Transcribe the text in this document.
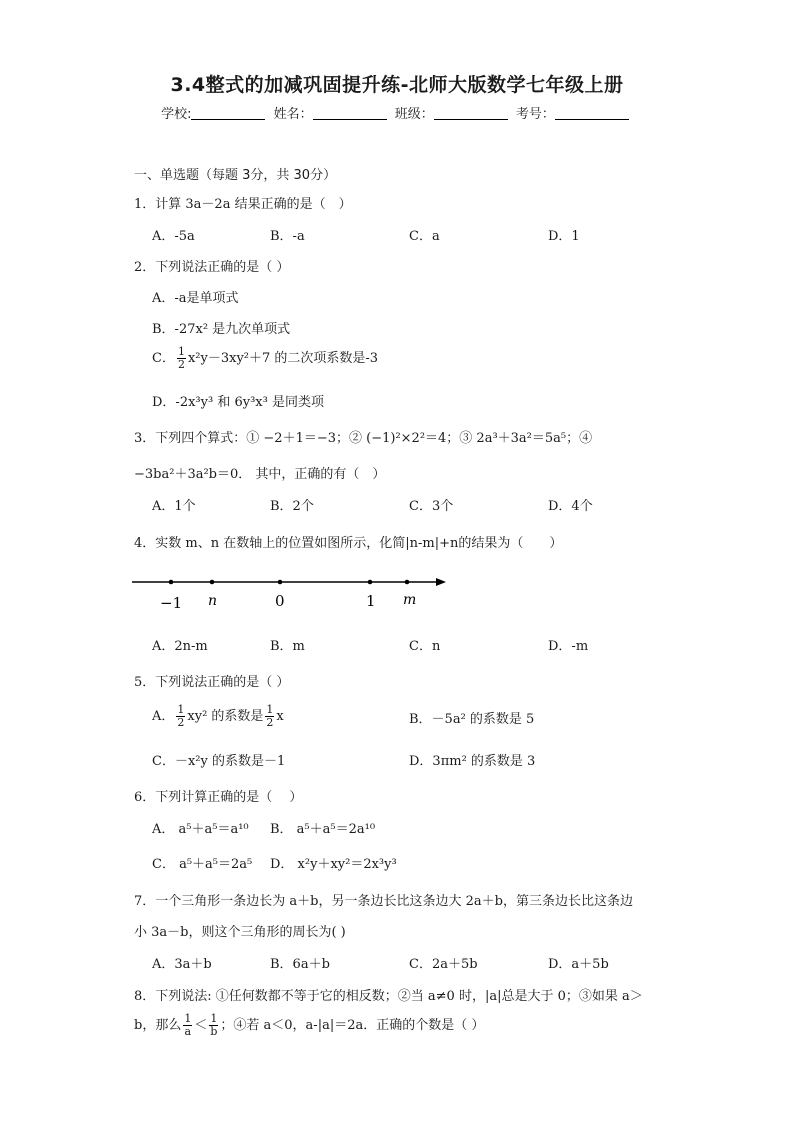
3.4整式的加减巩固提升练-北师大版数学七年级上册
学校:	姓名：	班级：	考号：
一、单选题（每题 3分，共 30分）
1．计算 3a－2a 结果正确的是（　）
A．-5a	B．-a	C．a	D．1
2．下列说法正确的是（ ）
A．-a是单项式
B．-27x² 是九次单项式
C． $\frac{1}{2} x^2y-3xy^2+7$ 的二次项系数是-3
D．-2x³y³ 和 6y³x³ 是同类项
3．下列四个算式：① −2＋1＝−3；② (−1)²×2²＝4；③ 2a³＋3a²＝5a⁵；④
−3ba²＋3a²b＝0． 其中，正确的有（　）
A．1个	B．2个	C．3个	D．4个
4．实数 m、n 在数轴上的位置如图所示，化简|n-m|+n的结果为（　　）
−1 n	0	1 m
A．2n-m	B．m	C．n	D．-m
5．下列说法正确的是（ ）
A． $\frac{1}{2} xy^2$ 的系数是 $\frac{1}{2}$ x	B．－5a² 的系数是 5
C．－x²y 的系数是－1	D．3πm² 的系数是 3
6．下列计算正确的是（　 ）
A． a⁵＋a⁵＝a¹⁰ B． a⁵＋a⁵＝2a¹⁰
C． a⁵＋a⁵＝2a⁵ D． x²y＋xy²＝2x³y³
7．一个三角形一条边长为 a＋b，另一条边长比这条边大 2a＋b，第三条边长比这条边
小 3a－b，则这个三角形的周长为( )
A．3a＋b	B．6a＋b	C．2a＋5b	D．a＋5b
8．下列说法: ①任何数都不等于它的相反数；②当 a≠0 时，|a|总是大于 0；③如果 a＞
b，那么 $\frac{1}{a} < \frac{1}{b}$ ；④若 a＜0，a-|a|＝2a．正确的个数是（ ）
